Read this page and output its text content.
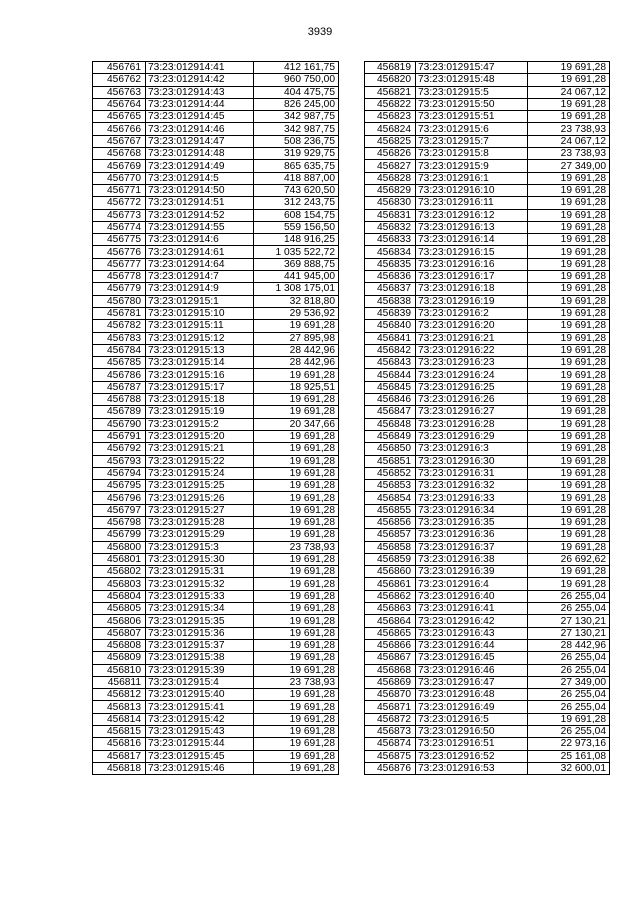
3939
456761	73:23:012914:41	412 161,75
456762	73:23:012914:42	960 750,00
456763	73:23:012914:43	404 475,75
456764	73:23:012914:44	826 245,00
456765	73:23:012914:45	342 987,75
456766	73:23:012914:46	342 987,75
456767	73:23:012914:47	508 236,75
456768	73:23:012914:48	319 929,75
456769	73:23:012914:49	865 635,75
456770	73:23:012914:5	418 887,00
456771	73:23:012914:50	743 620,50
456772	73:23:012914:51	312 243,75
456773	73:23:012914:52	608 154,75
456774	73:23:012914:55	559 156,50
456775	73:23:012914:6	148 916,25
456776	73:23:012914:61	1 035 522,72
456777	73:23:012914:64	369 888,75
456778	73:23:012914:7	441 945,00
456779	73:23:012914:9	1 308 175,01
456780	73:23:012915:1	32 818,80
456781	73:23:012915:10	29 536,92
456782	73:23:012915:11	19 691,28
456783	73:23:012915:12	27 895,98
456784	73:23:012915:13	28 442,96
456785	73:23:012915:14	28 442,96
456786	73:23:012915:16	19 691,28
456787	73:23:012915:17	18 925,51
456788	73:23:012915:18	19 691,28
456789	73:23:012915:19	19 691,28
456790	73:23:012915:2	20 347,66
456791	73:23:012915:20	19 691,28
456792	73:23:012915:21	19 691,28
456793	73:23:012915:22	19 691,28
456794	73:23:012915:24	19 691,28
456795	73:23:012915:25	19 691,28
456796	73:23:012915:26	19 691,28
456797	73:23:012915:27	19 691,28
456798	73:23:012915:28	19 691,28
456799	73:23:012915:29	19 691,28
456800	73:23:012915:3	23 738,93
456801	73:23:012915:30	19 691,28
456802	73:23:012915:31	19 691,28
456803	73:23:012915:32	19 691,28
456804	73:23:012915:33	19 691,28
456805	73:23:012915:34	19 691,28
456806	73:23:012915:35	19 691,28
456807	73:23:012915:36	19 691,28
456808	73:23:012915:37	19 691,28
456809	73:23:012915:38	19 691,28
456810	73:23:012915:39	19 691,28
456811	73:23:012915:4	23 738,93
456812	73:23:012915:40	19 691,28
456813	73:23:012915:41	19 691,28
456814	73:23:012915:42	19 691,28
456815	73:23:012915:43	19 691,28
456816	73:23:012915:44	19 691,28
456817	73:23:012915:45	19 691,28
456818	73:23:012915:46	19 691,28
456819	73:23:012915:47	19 691,28
456820	73:23:012915:48	19 691,28
456821	73:23:012915:5	24 067,12
456822	73:23:012915:50	19 691,28
456823	73:23:012915:51	19 691,28
456824	73:23:012915:6	23 738,93
456825	73:23:012915:7	24 067,12
456826	73:23:012915:8	23 738,93
456827	73:23:012915:9	27 349,00
456828	73:23:012916:1	19 691,28
456829	73:23:012916:10	19 691,28
456830	73:23:012916:11	19 691,28
456831	73:23:012916:12	19 691,28
456832	73:23:012916:13	19 691,28
456833	73:23:012916:14	19 691,28
456834	73:23:012916:15	19 691,28
456835	73:23:012916:16	19 691,28
456836	73:23:012916:17	19 691,28
456837	73:23:012916:18	19 691,28
456838	73:23:012916:19	19 691,28
456839	73:23:012916:2	19 691,28
456840	73:23:012916:20	19 691,28
456841	73:23:012916:21	19 691,28
456842	73:23:012916:22	19 691,28
456843	73:23:012916:23	19 691,28
456844	73:23:012916:24	19 691,28
456845	73:23:012916:25	19 691,28
456846	73:23:012916:26	19 691,28
456847	73:23:012916:27	19 691,28
456848	73:23:012916:28	19 691,28
456849	73:23:012916:29	19 691,28
456850	73:23:012916:3	19 691,28
456851	73:23:012916:30	19 691,28
456852	73:23:012916:31	19 691,28
456853	73:23:012916:32	19 691,28
456854	73:23:012916:33	19 691,28
456855	73:23:012916:34	19 691,28
456856	73:23:012916:35	19 691,28
456857	73:23:012916:36	19 691,28
456858	73:23:012916:37	19 691,28
456859	73:23:012916:38	26 692,62
456860	73:23:012916:39	19 691,28
456861	73:23:012916:4	19 691,28
456862	73:23:012916:40	26 255,04
456863	73:23:012916:41	26 255,04
456864	73:23:012916:42	27 130,21
456865	73:23:012916:43	27 130,21
456866	73:23:012916:44	28 442,96
456867	73:23:012916:45	26 255,04
456868	73:23:012916:46	26 255,04
456869	73:23:012916:47	27 349,00
456870	73:23:012916:48	26 255,04
456871	73:23:012916:49	26 255,04
456872	73:23:012916:5	19 691,28
456873	73:23:012916:50	26 255,04
456874	73:23:012916:51	22 973,16
456875	73:23:012916:52	25 161,08
456876	73:23:012916:53	32 600,01
